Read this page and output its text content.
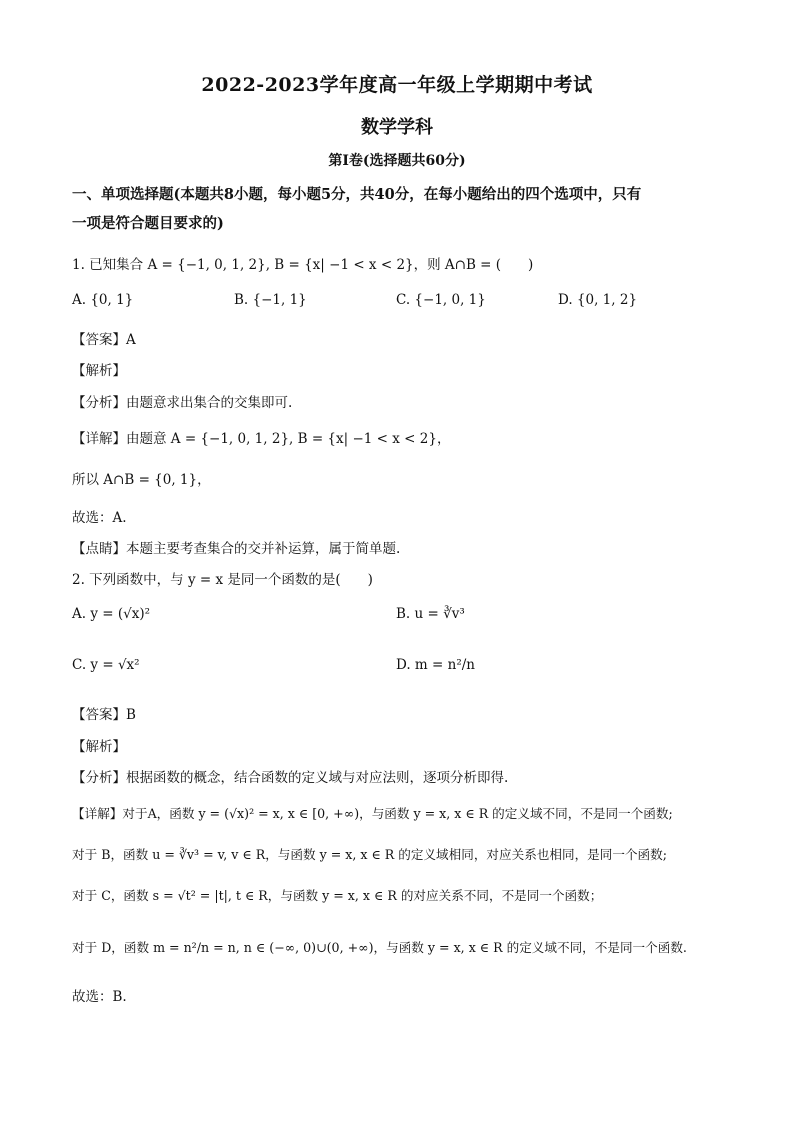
2022-2023学年度高一年级上学期期中考试
数学学科
第Ⅰ卷(选择题共60分)
一、单项选择题(本题共8小题，每小题5分，共40分，在每小题给出的四个选项中，只有
一项是符合题目要求的)
1. 已知集合 A = {−1, 0, 1, 2}, B = {x| −1 < x < 2}，则 A∩B = (　　)
A. {0, 1}	B. {−1, 1}	C. {−1, 0, 1}	D. {0, 1, 2}
【答案】A
【解析】
【分析】由题意求出集合的交集即可.
【详解】由题意 A = {−1, 0, 1, 2}, B = {x| −1 < x < 2}，
所以 A∩B = {0, 1}，
故选：A.
【点睛】本题主要考查集合的交并补运算，属于简单题.
2. 下列函数中，与 y = x 是同一个函数的是(　　)
A. y = (√x)²	B. u = ∛v³
C. y = √x²	D. m = n²/n
【答案】B
【解析】
【分析】根据函数的概念，结合函数的定义域与对应法则，逐项分析即得.
【详解】对于A，函数 y = (√x)² = x, x ∈ [0, +∞)，与函数 y = x, x ∈ R 的定义域不同，不是同一个函数;
对于 B，函数 u = ∛v³ = v, v ∈ R，与函数 y = x, x ∈ R 的定义域相同，对应关系也相同，是同一个函数;
对于 C，函数 s = √t² = |t|, t ∈ R，与函数 y = x, x ∈ R 的对应关系不同，不是同一个函数；
对于 D，函数 m = n²/n = n, n ∈ (−∞, 0)∪(0, +∞)，与函数 y = x, x ∈ R 的定义域不同，不是同一个函数.
故选：B.
